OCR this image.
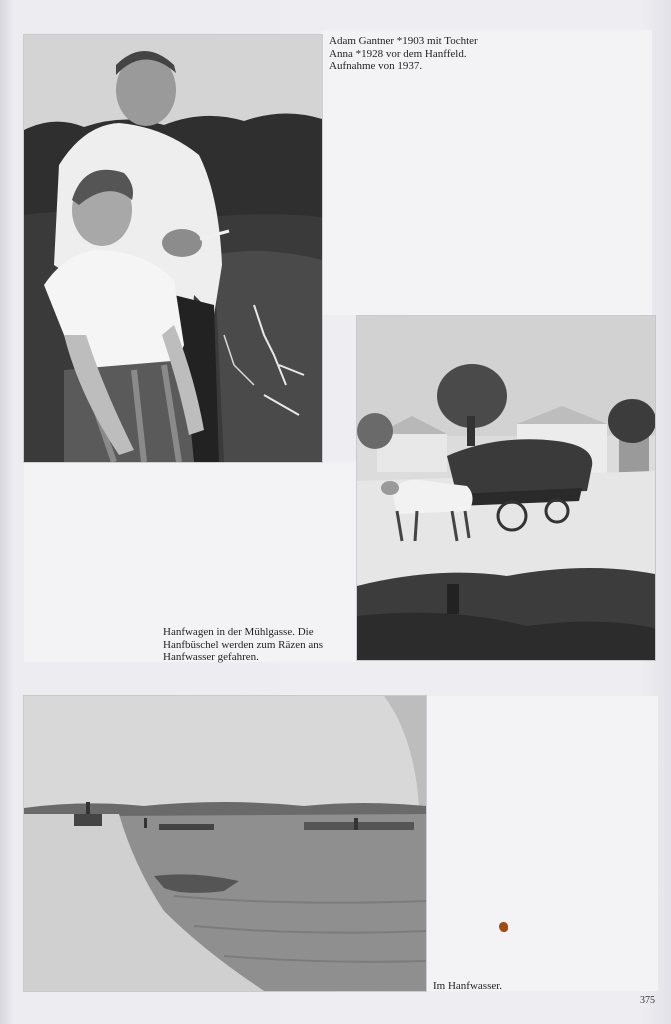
Adam Gantner *1903 mit Tochter
Anna *1928 vor dem Hanffeld.
Aufnahme von 1937.
Hanfwagen in der Mühlgasse. Die
Hanfbüschel werden zum Räzen ans
Hanfwasser gefahren.
Im Hanfwasser.
375
